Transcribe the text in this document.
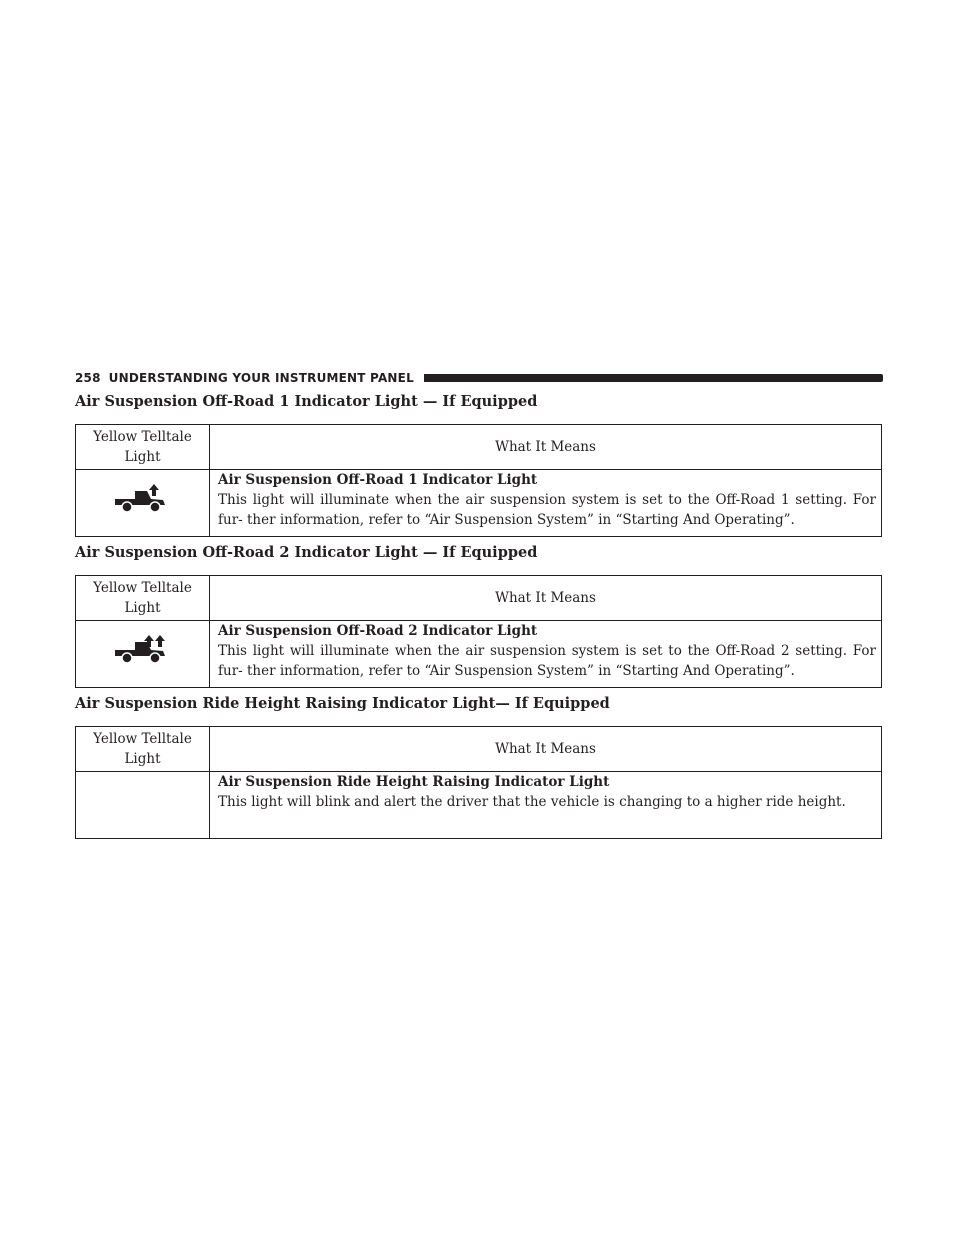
258 UNDERSTANDING YOUR INSTRUMENT PANEL
Air Suspension Off-Road 1 Indicator Light — If Equipped
Yellow Telltale Light	What It Means

Air Suspension Off-Road 1 Indicator Light
This light will illuminate when the air suspension system is set to the Off-Road 1 setting. For fur- ther information, refer to “Air Suspension System” in “Starting And Operating”.
Air Suspension Off-Road 2 Indicator Light — If Equipped
Yellow Telltale Light	What It Means

Air Suspension Off-Road 2 Indicator Light
This light will illuminate when the air suspension system is set to the Off-Road 2 setting. For fur- ther information, refer to “Air Suspension System” in “Starting And Operating”.
Air Suspension Ride Height Raising Indicator Light— If Equipped
Yellow Telltale Light	What It Means

	Air Suspension Ride Height Raising Indicator Light
This light will blink and alert the driver that the vehicle is changing to a higher ride height.
